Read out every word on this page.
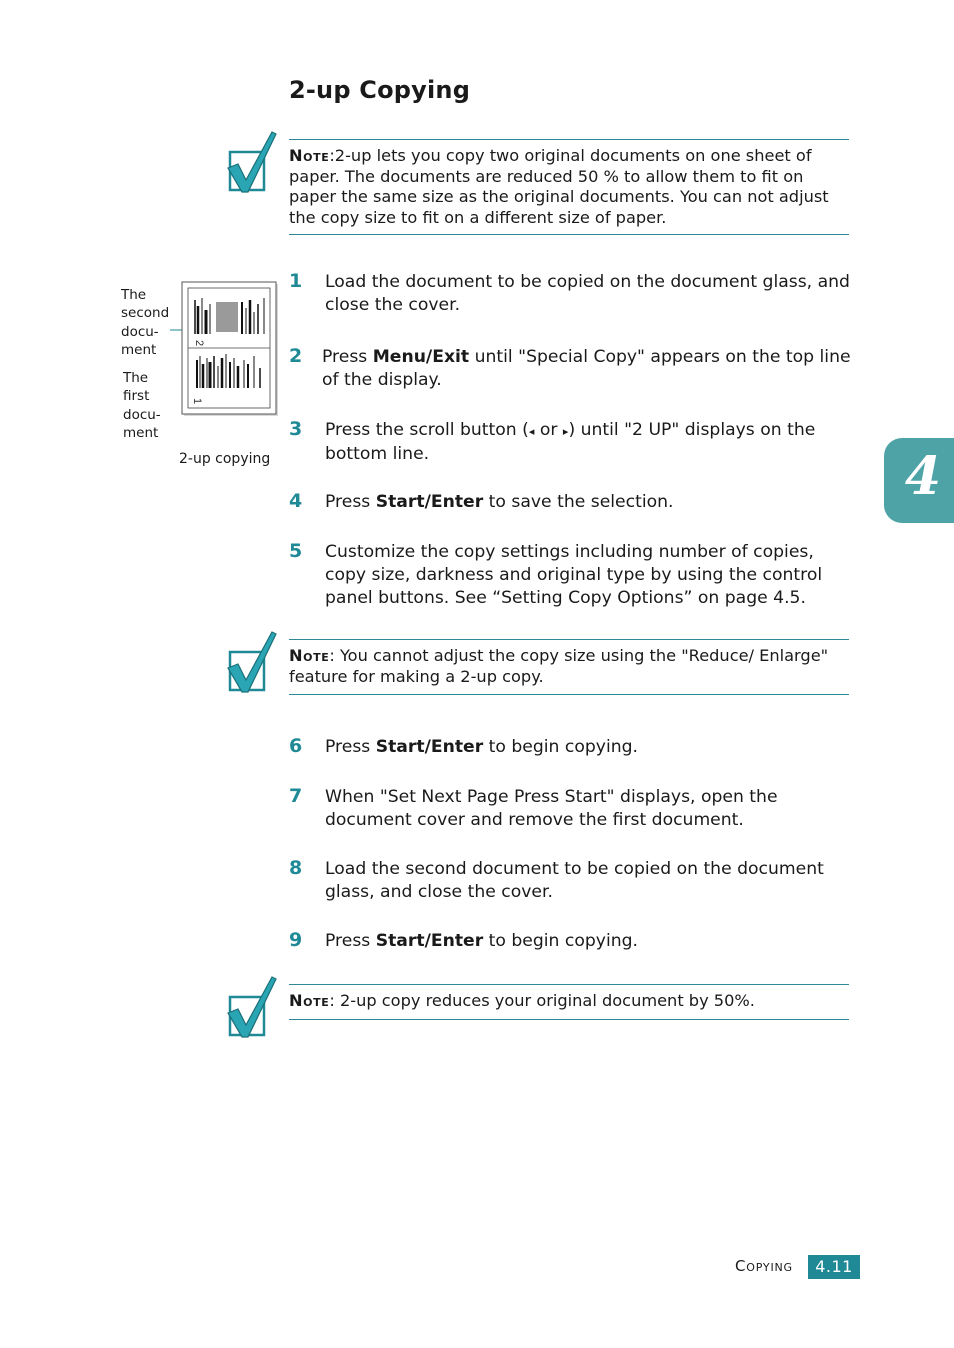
2-up Copying
Note:2-up lets you copy two original documents on one sheet of paper. The documents are reduced 50 % to allow them to fit on paper the same size as the original documents. You can not adjust the copy size to fit on a different size of paper.
The
second
docu-
ment
The
first
docu-
ment
2
1
2-up copying
1 Load the document to be copied on the document glass, and close the cover.
2 Press Menu/Exit until "Special Copy" appears on the top line of the display.
3 Press the scroll button (◂ or ▸) until "2 UP" displays on the bottom line.
4 Press Start/Enter to save the selection.
5 Customize the copy settings including number of copies, copy size, darkness and original type by using the control panel buttons. See “Setting Copy Options” on page 4.5.
Note: You cannot adjust the copy size using the "Reduce/ Enlarge" feature for making a 2-up copy.
6 Press Start/Enter to begin copying.
7 When "Set Next Page Press Start" displays, open the document cover and remove the first document.
8 Load the second document to be copied on the document glass, and close the cover.
9 Press Start/Enter to begin copying.
Note: 2-up copy reduces your original document by 50%.
4
Copying	4.11
